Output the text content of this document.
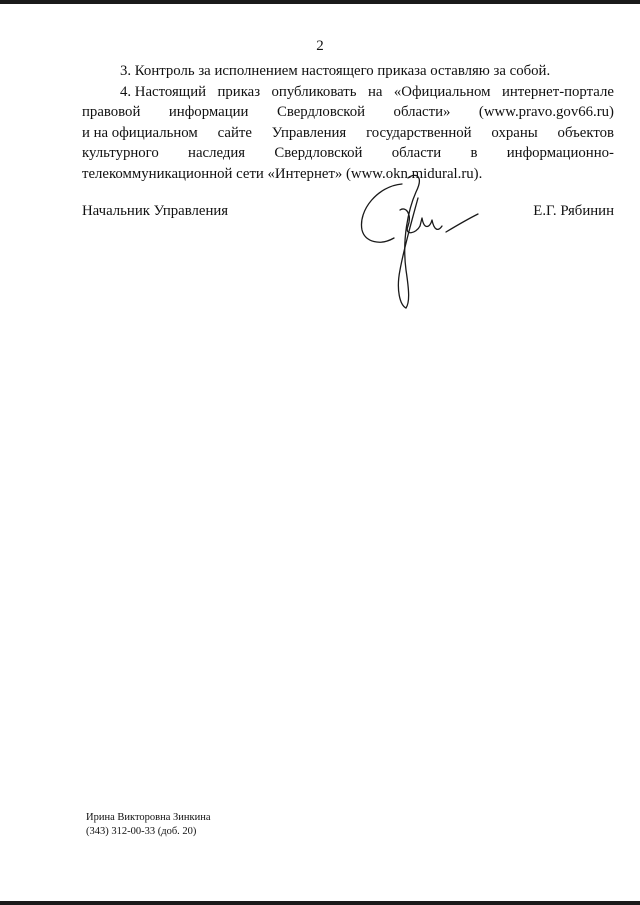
2
3. Контроль за исполнением настоящего приказа оставляю за собой.
4. Настоящий приказ опубликовать на «Официальном интернет-портале
правовой информации Свердловской области» (www.pravo.gov66.ru)
и на официальном сайте Управления государственной охраны объектов
культурного наследия Свердловской области в информационно-
телекоммуникационной сети «Интернет» (www.okn.midural.ru).
Начальник Управления	Е.Г. Рябинин
Ирина Викторовна Зинкина
(343) 312-00-33 (доб. 20)
